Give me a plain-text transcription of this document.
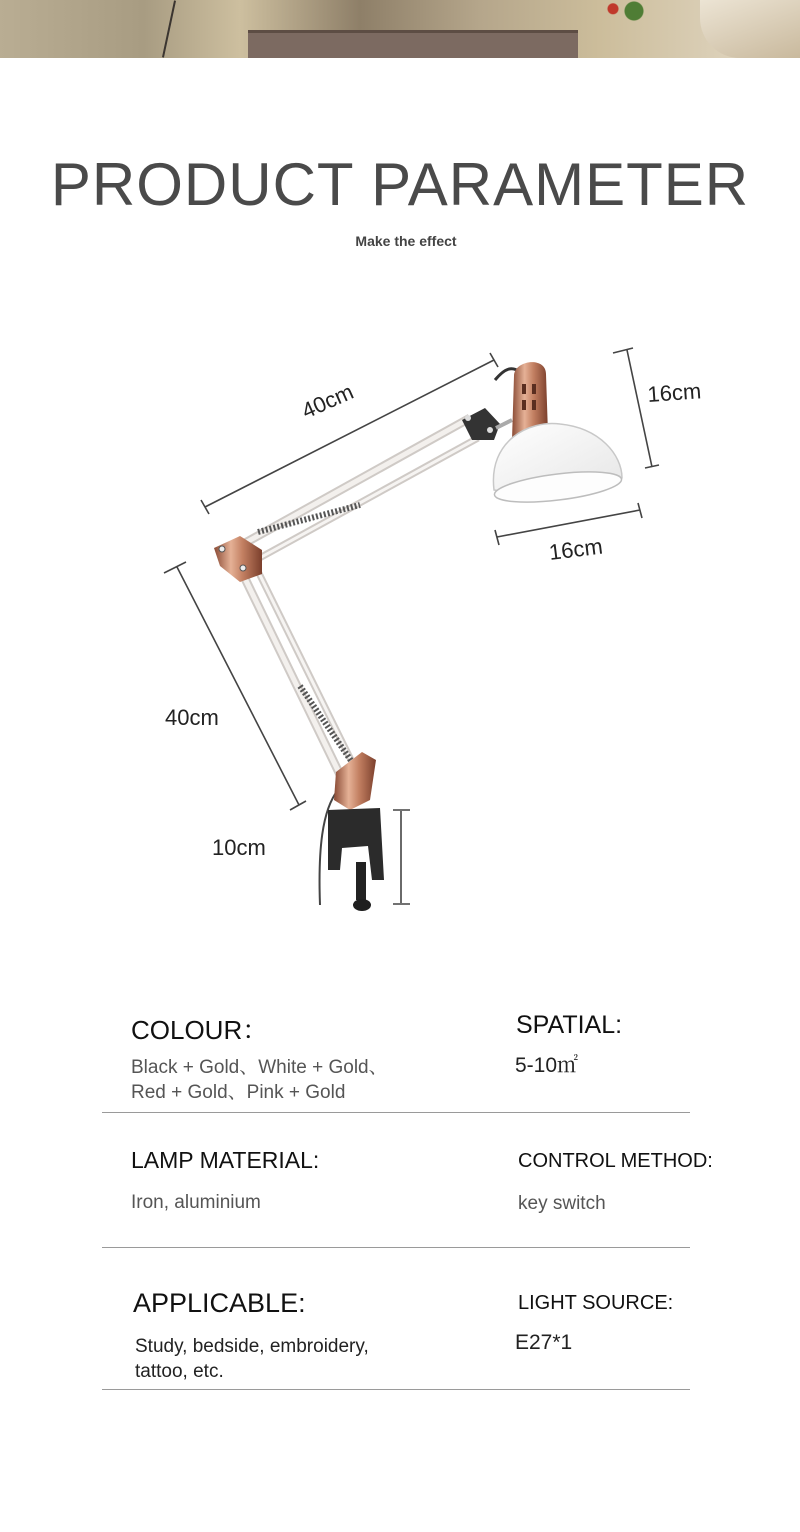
PRODUCT PARAMETER
Make the effect
40cm	16cm
16cm
40cm
10cm
COLOUR：
Black + Gold、White + Gold、
Red + Gold、Pink + Gold
SPATIAL:
5-10㎡
LAMP MATERIAL:
Iron, aluminium
CONTROL METHOD:
key switch
APPLICABLE:
Study, bedside, embroidery,
tattoo, etc.
LIGHT SOURCE:
E27*1
